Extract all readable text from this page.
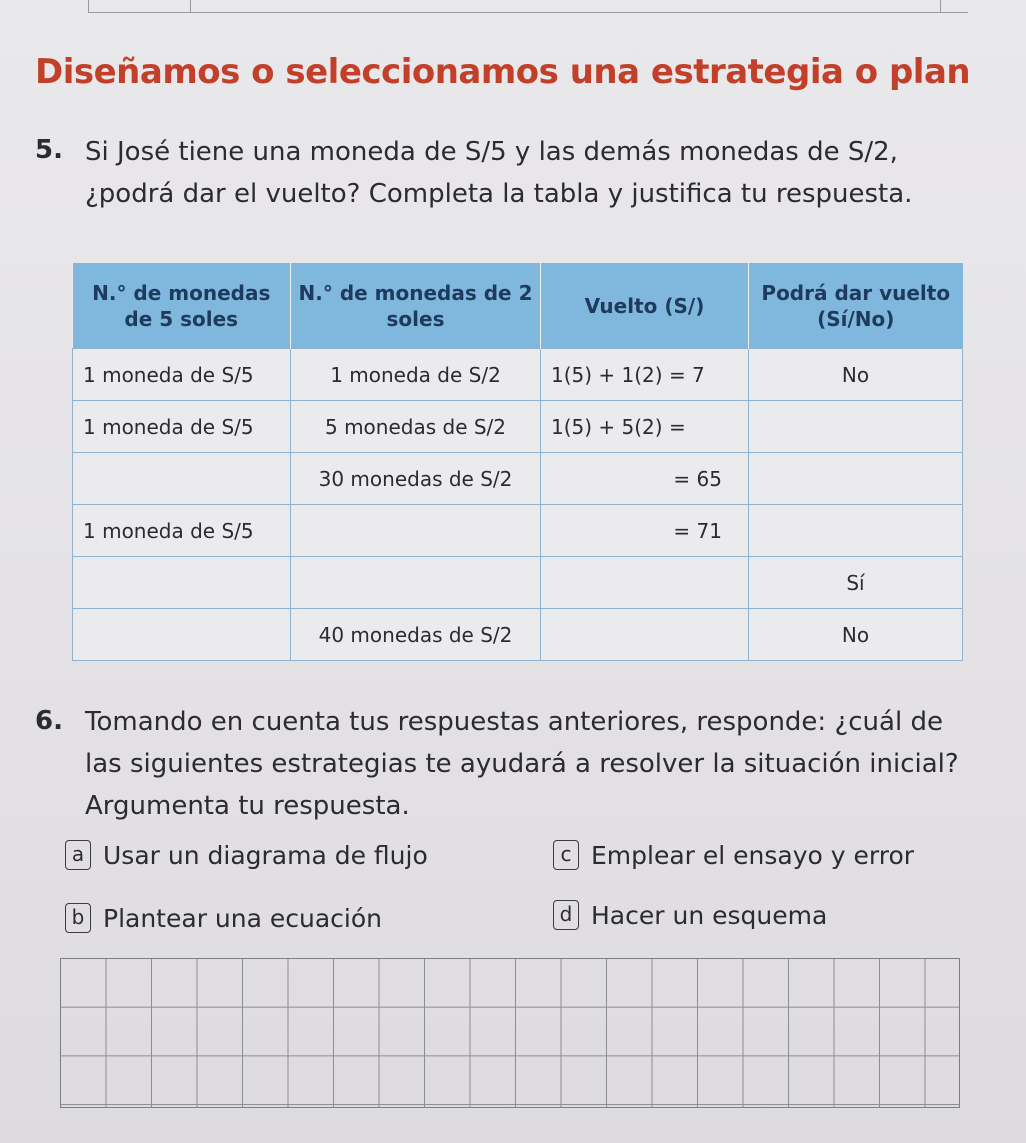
Diseñamos o seleccionamos una estrategia o plan
5. Si José tiene una moneda de S/5 y las demás monedas de S/2, ¿podrá dar el vuelto? Completa la tabla y justifica tu respuesta.
N.° de monedas de 5 soles	N.° de monedas de 2 soles	Vuelto (S/)	Podrá dar vuelto (Sí/No)
1 moneda de S/5	1 moneda de S/2	1(5) + 1(2) = 7	No
1 moneda de S/5	5 monedas de S/2	1(5) + 5(2) =	
	30 monedas de S/2	= 65	
1 moneda de S/5		= 71	
			Sí
	40 monedas de S/2		No
6. Tomando en cuenta tus respuestas anteriores, responde: ¿cuál de las siguientes estrategias te ayudará a resolver la situación inicial? Argumenta tu respuesta.
a Usar un diagrama de flujo
b Plantear una ecuación
c Emplear el ensayo y error
d Hacer un esquema
